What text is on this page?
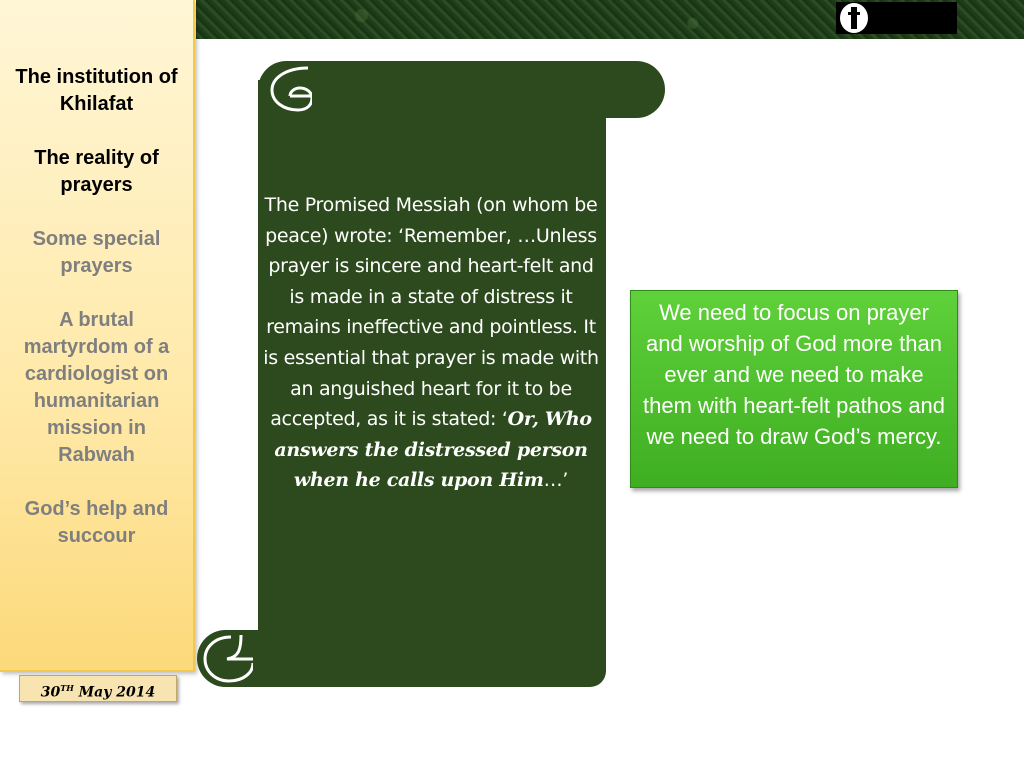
The institution of Khilafat
The reality of prayers
Some special prayers
A brutal martyrdom of a cardiologist on humanitarian mission in Rabwah
God’s help and succour
30TH May 2014
The Promised Messiah (on whom be peace) wrote: ‘Remember, …Unless prayer is sincere and heart-felt and is made in a state of distress it remains ineffective and pointless. It is essential that prayer is made with an anguished heart for it to be accepted, as it is stated: ‘Or, Who answers the distressed person when he calls upon Him…’
We need to focus on prayer and worship of God more than ever and we need to make them with heart-felt pathos and we need to draw God’s mercy.
